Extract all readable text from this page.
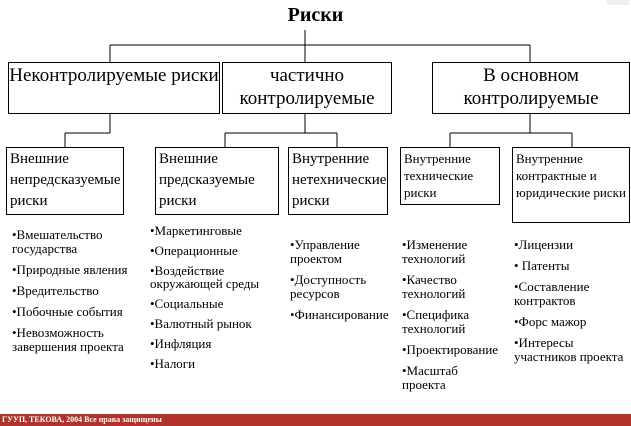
Риски
Неконтролируемые риски	частично контролируемые
В основном контролируемые
Внешние непредсказуемые риски
Внешние предсказуемые риски
Внутренние нетехнические риски
Внутренние технические риски
Внутренние контрактные и юридические риски
•Вмешательство государства
•Природные явления
•Вредительство
•Побочные события
•Невозможность завершения проекта
•Маркетинговые
•Операционные
•Воздействие окружающей среды
•Социальные
•Валютный рынок
•Инфляция
•Налоги
•Управление проектом
•Доступность ресурсов
•Финансирование
•Изменение технологий
•Качество технологий
•Специфика технологий
•Проектирование
•Масштаб проекта
•Лицензии
• Патенты
•Составление контрактов
•Форс мажор
•Интересы участников проекта
ГУУП, ТЕКОВА, 2004 Все права защищены
